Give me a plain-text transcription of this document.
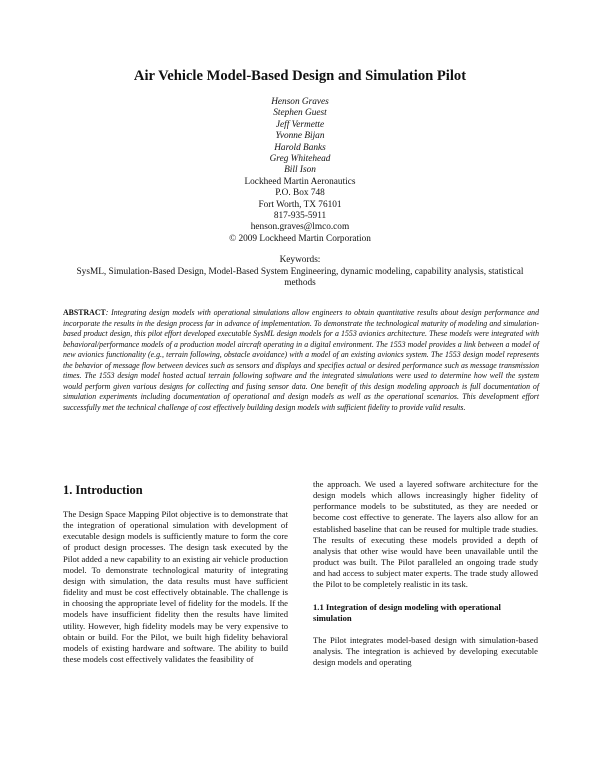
Air Vehicle Model-Based Design and Simulation Pilot
Henson Graves
Stephen Guest
Jeff Vermette
Yvonne Bijan
Harold Banks
Greg Whitehead
Bill Ison
Lockheed Martin Aeronautics
P.O. Box 748
Fort Worth, TX 76101
817-935-5911
henson.graves@lmco.com
© 2009 Lockheed Martin Corporation
Keywords:
SysML, Simulation-Based Design, Model-Based System Engineering, dynamic modeling, capability analysis, statistical methods
ABSTRACT: Integrating design models with operational simulations allow engineers to obtain quantitative results about design performance and incorporate the results in the design process far in advance of implementation. To demonstrate the technological maturity of modeling and simulation-based product design, this pilot effort developed executable SysML design models for a 1553 avionics architecture. These models were integrated with behavioral/performance models of a production model aircraft operating in a digital environment. The 1553 model provides a link between a model of new avionics functionality (e.g., terrain following, obstacle avoidance) with a model of an existing avionics system. The 1553 design model represents the behavior of message flow between devices such as sensors and displays and specifies actual or desired performance such as message transmission times. The 1553 design model hosted actual terrain following software and the integrated simulations were used to determine how well the system would perform given various designs for collecting and fusing sensor data. One benefit of this design modeling approach is full documentation of simulation experiments including documentation of operational and design models as well as the operational scenarios. This development effort successfully met the technical challenge of cost effectively building design models with sufficient fidelity to provide valid results.
1. Introduction

The Design Space Mapping Pilot objective is to demonstrate that the integration of operational simulation with development of executable design models is sufficiently mature to form the core of product design processes. The design task executed by the Pilot added a new capability to an existing air vehicle production model. To demonstrate technological maturity of integrating design with simulation, the data results must have sufficient fidelity and must be cost effectively obtainable. The challenge is in choosing the appropriate level of fidelity for the models. If the models have insufficient fidelity then the results have limited utility. However, high fidelity models may be very expensive to obtain or build. For the Pilot, we built high fidelity behavioral models of existing hardware and software. The ability to build these models cost effectively validates the feasibility of

the approach. We used a layered software architecture for the design models which allows increasingly higher fidelity of performance models to be substituted, as they are needed or become cost effective to generate. The layers also allow for an established baseline that can be reused for multiple trade studies. The results of executing these models provided a depth of analysis that other wise would have been unavailable until the product was built. The Pilot paralleled an ongoing trade study and had access to subject mater experts. The trade study allowed the Pilot to be completely realistic in its task.

1.1 Integration of design modeling with operational simulation

The Pilot integrates model-based design with simulation-based analysis. The integration is achieved by developing executable design models and operating
